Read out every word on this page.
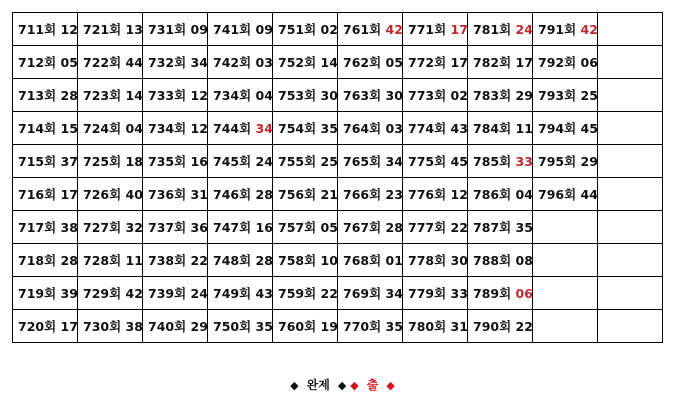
711회 12	721회 13	731회 09	741회 09	751회 02	761회 42	771회 17	781회 24	791회 42	
712회 05	722회 44	732회 34	742회 03	752회 14	762회 05	772회 17	782회 17	792회 06	
713회 28	723회 14	733회 12	734회 04	753회 30	763회 30	773회 02	783회 29	793회 25	
714회 15	724회 04	734회 12	744회 34	754회 35	764회 03	774회 43	784회 11	794회 45	
715회 37	725회 18	735회 16	745회 24	755회 25	765회 34	775회 45	785회 33	795회 29	
716회 17	726회 40	736회 31	746회 28	756회 21	766회 23	776회 12	786회 04	796회 44	
717회 38	727회 32	737회 36	747회 16	757회 05	767회 28	777회 22	787회 35		
718회 28	728회 11	738회 22	748회 28	758회 10	768회 01	778회 30	788회 08		
719회 39	729회 42	739회 24	749회 43	759회 22	769회 34	779회 33	789회 06		
720회 17	730회 38	740회 29	750회 35	760회 19	770회 35	780회 31	790회 22		
◆ 완제 ◆ ◆ 출 ◆
